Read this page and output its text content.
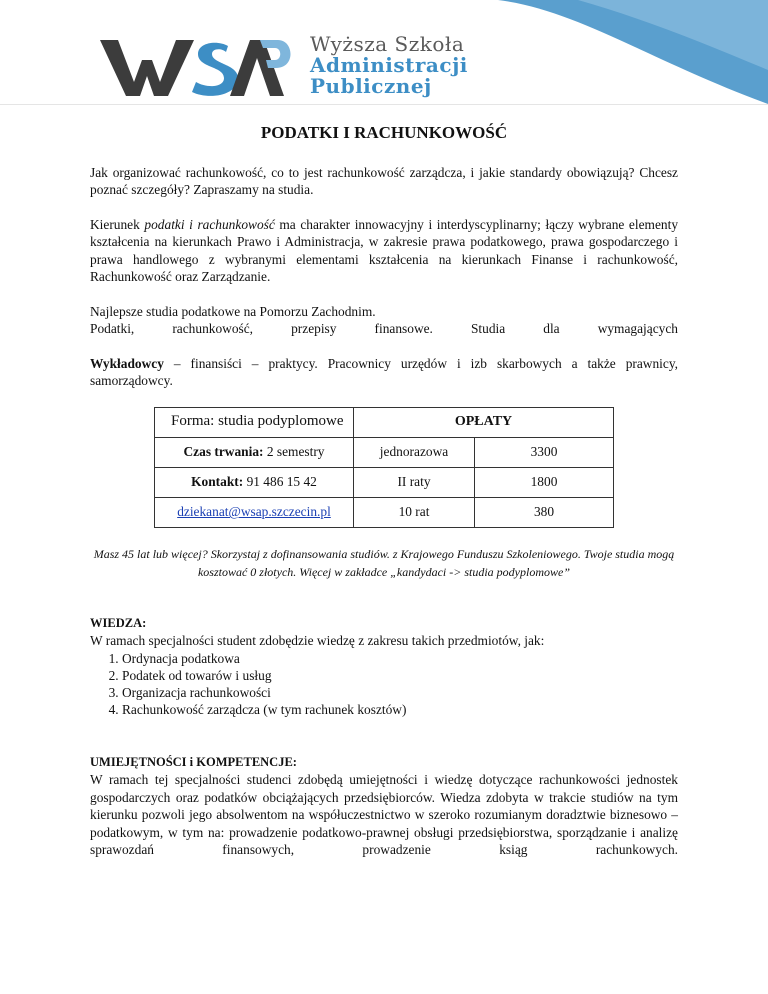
Wyższa Szkoła
Administracji
Publicznej
PODATKI I RACHUNKOWOŚĆ

Jak organizować rachunkowość, co to jest rachunkowość zarządcza, i jakie standardy obowiązują? Chcesz poznać szczegóły? Zapraszamy na studia.

Kierunek podatki i rachunkowość ma charakter innowacyjny i interdyscyplinarny; łączy wybrane elementy kształcenia na kierunkach Prawo i Administracja, w zakresie prawa podatkowego, prawa gospodarczego i prawa handlowego z wybranymi elementami kształcenia na kierunkach Finanse i rachunkowość, Rachunkowość oraz Zarządzanie.

Najlepsze studia podatkowe na Pomorzu Zachodnim.
Podatki, rachunkowość, przepisy finansowe. Studia dla wymagających

Wykładowcy – finansiści – praktycy. Pracownicy urzędów i izb skarbowych a także prawnicy, samorządowcy.

Forma: studia podyplomowe	OPŁATY	
Czas trwania: 2 semestry	jednorazowa	3300
Kontakt: 91 486 15 42	II raty	1800
dziekanat@wsap.szczecin.pl	10 rat	380
Masz 45 lat lub więcej? Skorzystaj z dofinansowania studiów. z Krajowego Funduszu Szkoleniowego. Twoje studia mogą kosztować 0 złotych. Więcej w zakładce „kandydaci -> studia podyplomowe”
WIEDZA:
W ramach specjalności student zdobędzie wiedzę z zakresu takich przedmiotów, jak:
1. Ordynacja podatkowa
2. Podatek od towarów i usług
3. Organizacja rachunkowości
4. Rachunkowość zarządcza (w tym rachunek kosztów)
UMIEJĘTNOŚCI i KOMPETENCJE:

W ramach tej specjalności studenci zdobędą umiejętności i wiedzę dotyczące rachunkowości jednostek gospodarczych oraz podatków obciążających przedsiębiorców. Wiedza zdobyta w trakcie studiów na tym kierunku pozwoli jego absolwentom na współuczestnictwo w szeroko rozumianym doradztwie biznesowo – podatkowym, w tym na: prowadzenie podatkowo-prawnej obsługi przedsiębiorstwa, sporządzanie i analizę sprawozdań finansowych, prowadzenie ksiąg rachunkowych.
